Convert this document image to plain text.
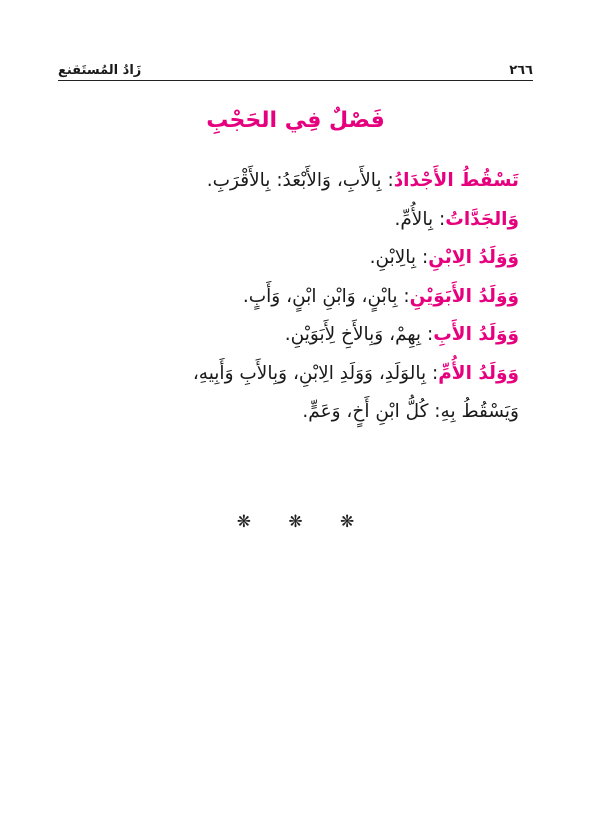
٢٦٦
زَادُ المُستَقنع
فَصْلٌ فِي الحَجْبِ
تَسْقُطُ الأَجْدَادُ: بِالأَبِ، وَالأَبْعَدُ: بِالأَقْرَبِ.
وَالجَدَّاتُ: بِالأُمِّ.
وَوَلَدُ الِابْنِ: بِالِابْنِ.
وَوَلَدُ الأَبَوَيْنِ: بِابْنٍ، وَابْنِ ابْنٍ، وَأَبٍ.
وَوَلَدُ الأَبِ: بِهِمْ، وَبِالأَخِ لِأَبَوَيْنِ.
وَوَلَدُ الأُمِّ: بِالوَلَدِ، وَوَلَدِ الِابْنِ، وَبِالأَبِ وَأَبِيهِ،
وَيَسْقُطُ بِهِ: كُلُّ ابْنِ أَخٍ، وَعَمٍّ.
❋ ❋ ❋
